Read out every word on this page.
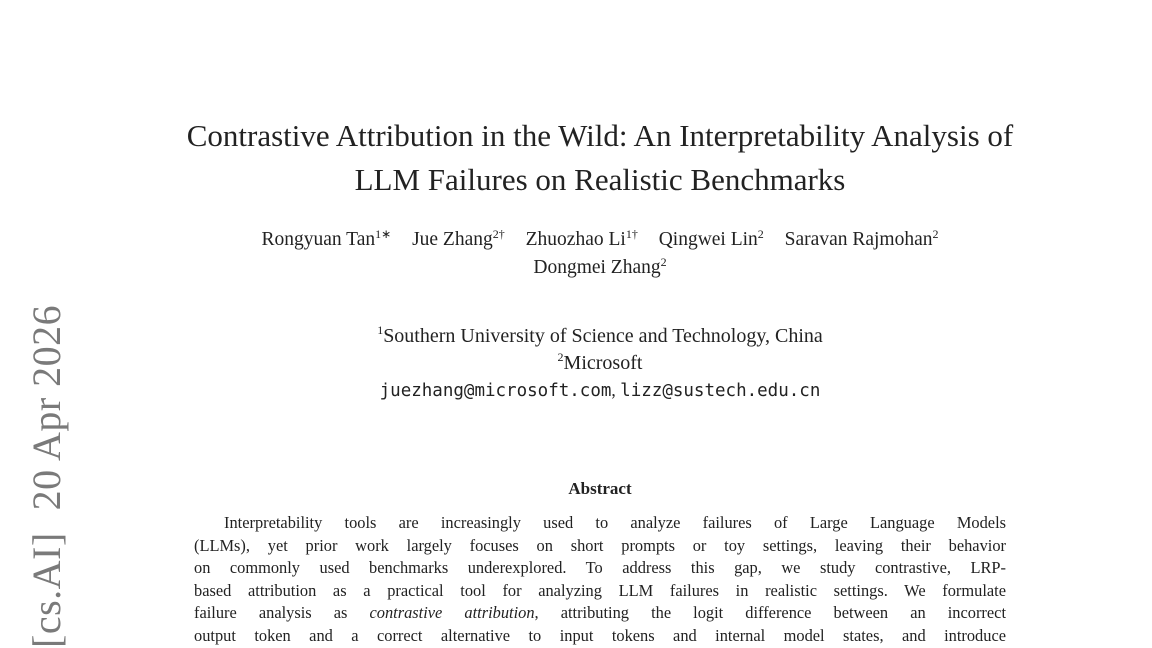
[cs.AI]20 Apr 2026
Contrastive Attribution in the Wild: An Interpretability Analysis of
LLM Failures on Realistic Benchmarks
Rongyuan Tan$^{1∗}$ Jue Zhang$^{2\dagger}$ Zhuozhao $Li^{1\dagger}$ Qingwei Lin$^2$ Saravan Rajmohan$^2$
Dongmei Zhang$^2$
$^1$Southern University of Science and Technology, China
$^2$Microsoft
juezhang@microsoft.com, lizz@sustech.edu.cn
Abstract
Interpretability tools are increasingly used to analyze failures of Large Language Models
(LLMs), yet prior work largely focuses on short prompts or toy settings, leaving their behavior
on commonly used benchmarks underexplored. To address this gap, we study contrastive, LRP-
based attribution as a practical tool for analyzing LLM failures in realistic settings. We formulate
failure analysis as contrastive attribution, attributing the logit difference between an incorrect
output token and a correct alternative to input tokens and internal model states, and introduce
